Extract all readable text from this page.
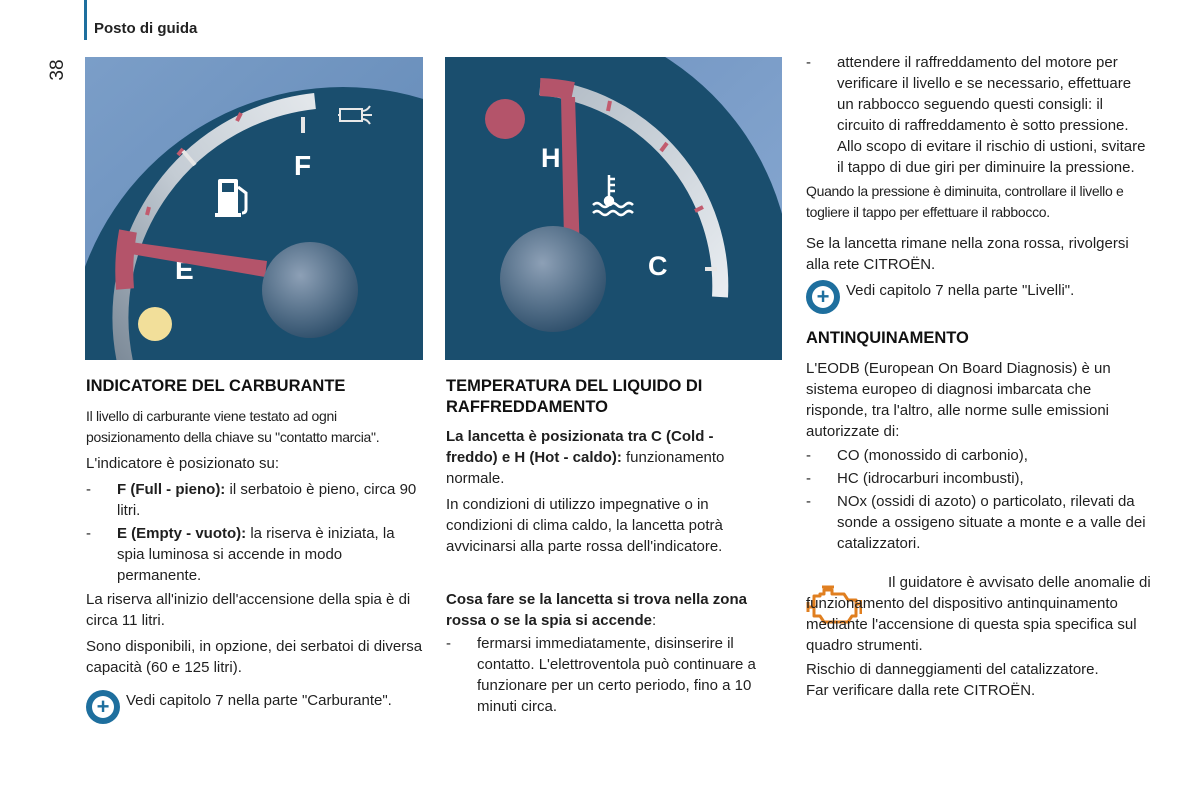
Posto di guida
38
F
E
H
C
INDICATORE DEL CARBURANTE

Il livello di carburante viene testato ad ogni posizionamento della chiave su "contatto marcia".

L'indicatore è posizionato su:

-	F (Full - pieno): il serbatoio è pieno, circa 90 litri.
-	E (Empty - vuoto): la riserva è iniziata, la spia luminosa si accende in modo permanente.

La riserva all'inizio dell'accensione della spia è di circa 11 litri.

Sono disponibili, in opzione, dei serbatoi di diversa capacità (60 e 125 litri).

+	Vedi capitolo 7 nella parte "Carburante".
TEMPERATURA DEL LIQUIDO DI RAFFREDDAMENTO

La lancetta è posizionata tra C (Cold - freddo) e H (Hot - caldo): funzionamento normale.

In condizioni di utilizzo impegnative o in condizioni di clima caldo, la lancetta potrà avvicinarsi alla parte rossa dell'indicatore.

Cosa fare se la lancetta si trova nella zona rossa o se la spia si accende:

-	fermarsi immediatamente, disinserire il contatto. L'elettroventola può continuare a funzionare per un certo periodo, fino a 10 minuti circa.
-	attendere il raffreddamento del motore per verificare il livello e se necessario, effettuare un rabbocco seguendo questi consigli: il circuito di raffreddamento è sotto pressione. Allo scopo di evitare il rischio di ustioni, svitare il tappo di due giri per diminuire la pressione.

Quando la pressione è diminuita, controllare il livello e togliere il tappo per effettuare il rabbocco.

Se la lancetta rimane nella zona rossa, rivolgersi alla rete CITROËN.

+	Vedi capitolo 7 nella parte "Livelli".
ANTINQUINAMENTO

L'EODB (European On Board Diagnosis) è un sistema europeo di diagnosi imbarcata che risponde, tra l'altro, alle norme sulle emissioni autorizzate di:

-	CO (monossido di carbonio),
-	HC (idrocarburi incombusti),
-	NOx (ossidi di azoto) o particolato, rilevati da sonde a ossigeno situate a monte e a valle dei catalizzatori.

Il guidatore è avvisato delle anomalie di funzionamento del dispositivo antinquinamento mediante l'accensione di questa spia specifica sul quadro strumenti.

Rischio di danneggiamenti del catalizzatore.

Far verificare dalla rete CITROËN.
